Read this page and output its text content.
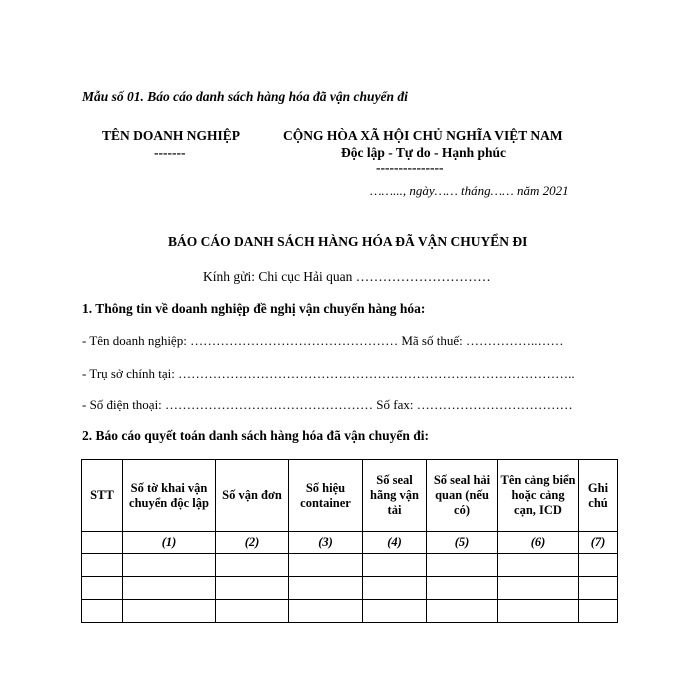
Mẫu số 01. Báo cáo danh sách hàng hóa đã vận chuyển đi
TÊN DOANH NGHIỆP
-------
CỘNG HÒA XÃ HỘI CHỦ NGHĨA VIỆT NAM
Độc lập - Tự do - Hạnh phúc
---------------
……..., ngày…… tháng…… năm 2021
BÁO CÁO DANH SÁCH HÀNG HÓA ĐÃ VẬN CHUYỂN ĐI
Kính gửi: Chi cục Hải quan …………………………
1. Thông tin về doanh nghiệp đề nghị vận chuyển hàng hóa:
- Tên doanh nghiệp: ………………………………………… Mã số thuế: ……………..……
- Trụ sở chính tại: ………………………………………………………………………………..
- Số điện thoại: ………………………………………… Số fax: ………………………………
2. Báo cáo quyết toán danh sách hàng hóa đã vận chuyển đi:
STT	Số tờ khai vận chuyển độc lập	Số vận đơn	Số hiệu container	Số seal hãng vận tải	Số seal hải quan (nếu có)	Tên cảng biển hoặc cảng cạn, ICD	Ghi chú
	(1)	(2)	(3)	(4)	(5)	(6)	(7)
